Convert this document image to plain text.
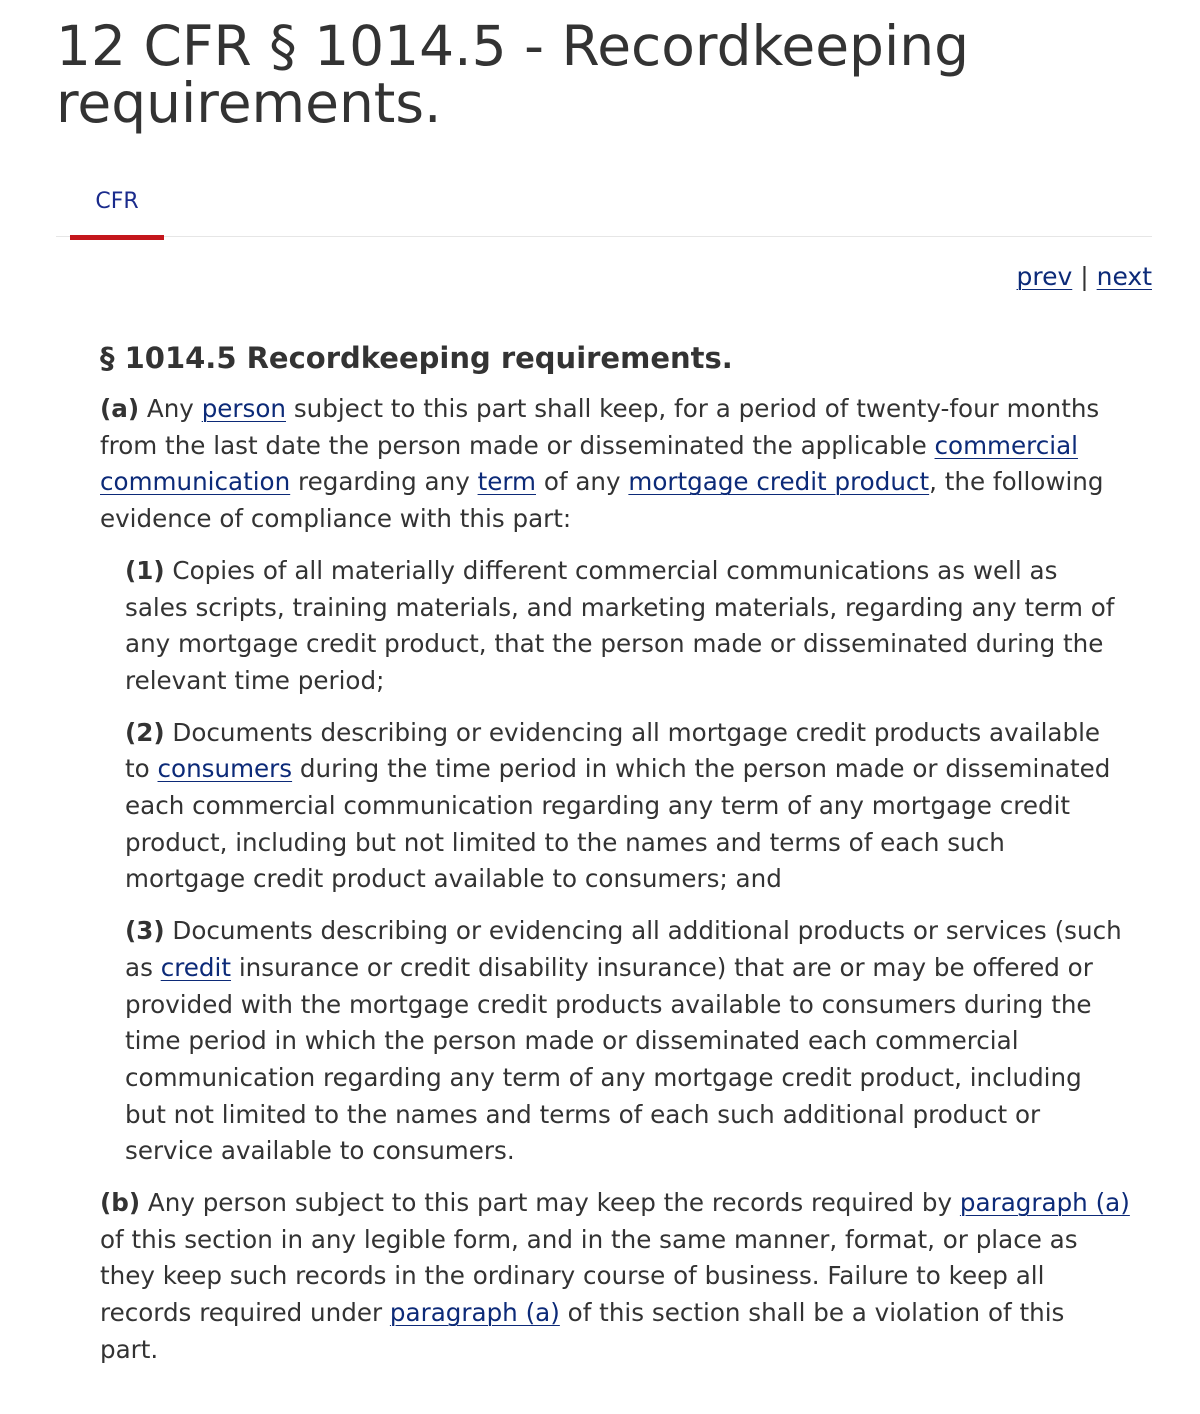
12 CFR § 1014.5 - Recordkeeping requirements.
CFR
prev | next
§ 1014.5 Recordkeeping requirements.

(a) Any person subject to this part shall keep, for a period of twenty-four months from the last date the person made or disseminated the applicable commercial communication regarding any term of any mortgage credit product, the following evidence of compliance with this part:

(1) Copies of all materially different commercial communications as well as sales scripts, training materials, and marketing materials, regarding any term of any mortgage credit product, that the person made or disseminated during the relevant time period;

(2) Documents describing or evidencing all mortgage credit products available to consumers during the time period in which the person made or disseminated each commercial communication regarding any term of any mortgage credit product, including but not limited to the names and terms of each such mortgage credit product available to consumers; and

(3) Documents describing or evidencing all additional products or services (such as credit insurance or credit disability insurance) that are or may be offered or provided with the mortgage credit products available to consumers during the time period in which the person made or disseminated each commercial communication regarding any term of any mortgage credit product, including but not limited to the names and terms of each such additional product or service available to consumers.

(b) Any person subject to this part may keep the records required by paragraph (a) of this section in any legible form, and in the same manner, format, or place as they keep such records in the ordinary course of business. Failure to keep all records required under paragraph (a) of this section shall be a violation of this part.
